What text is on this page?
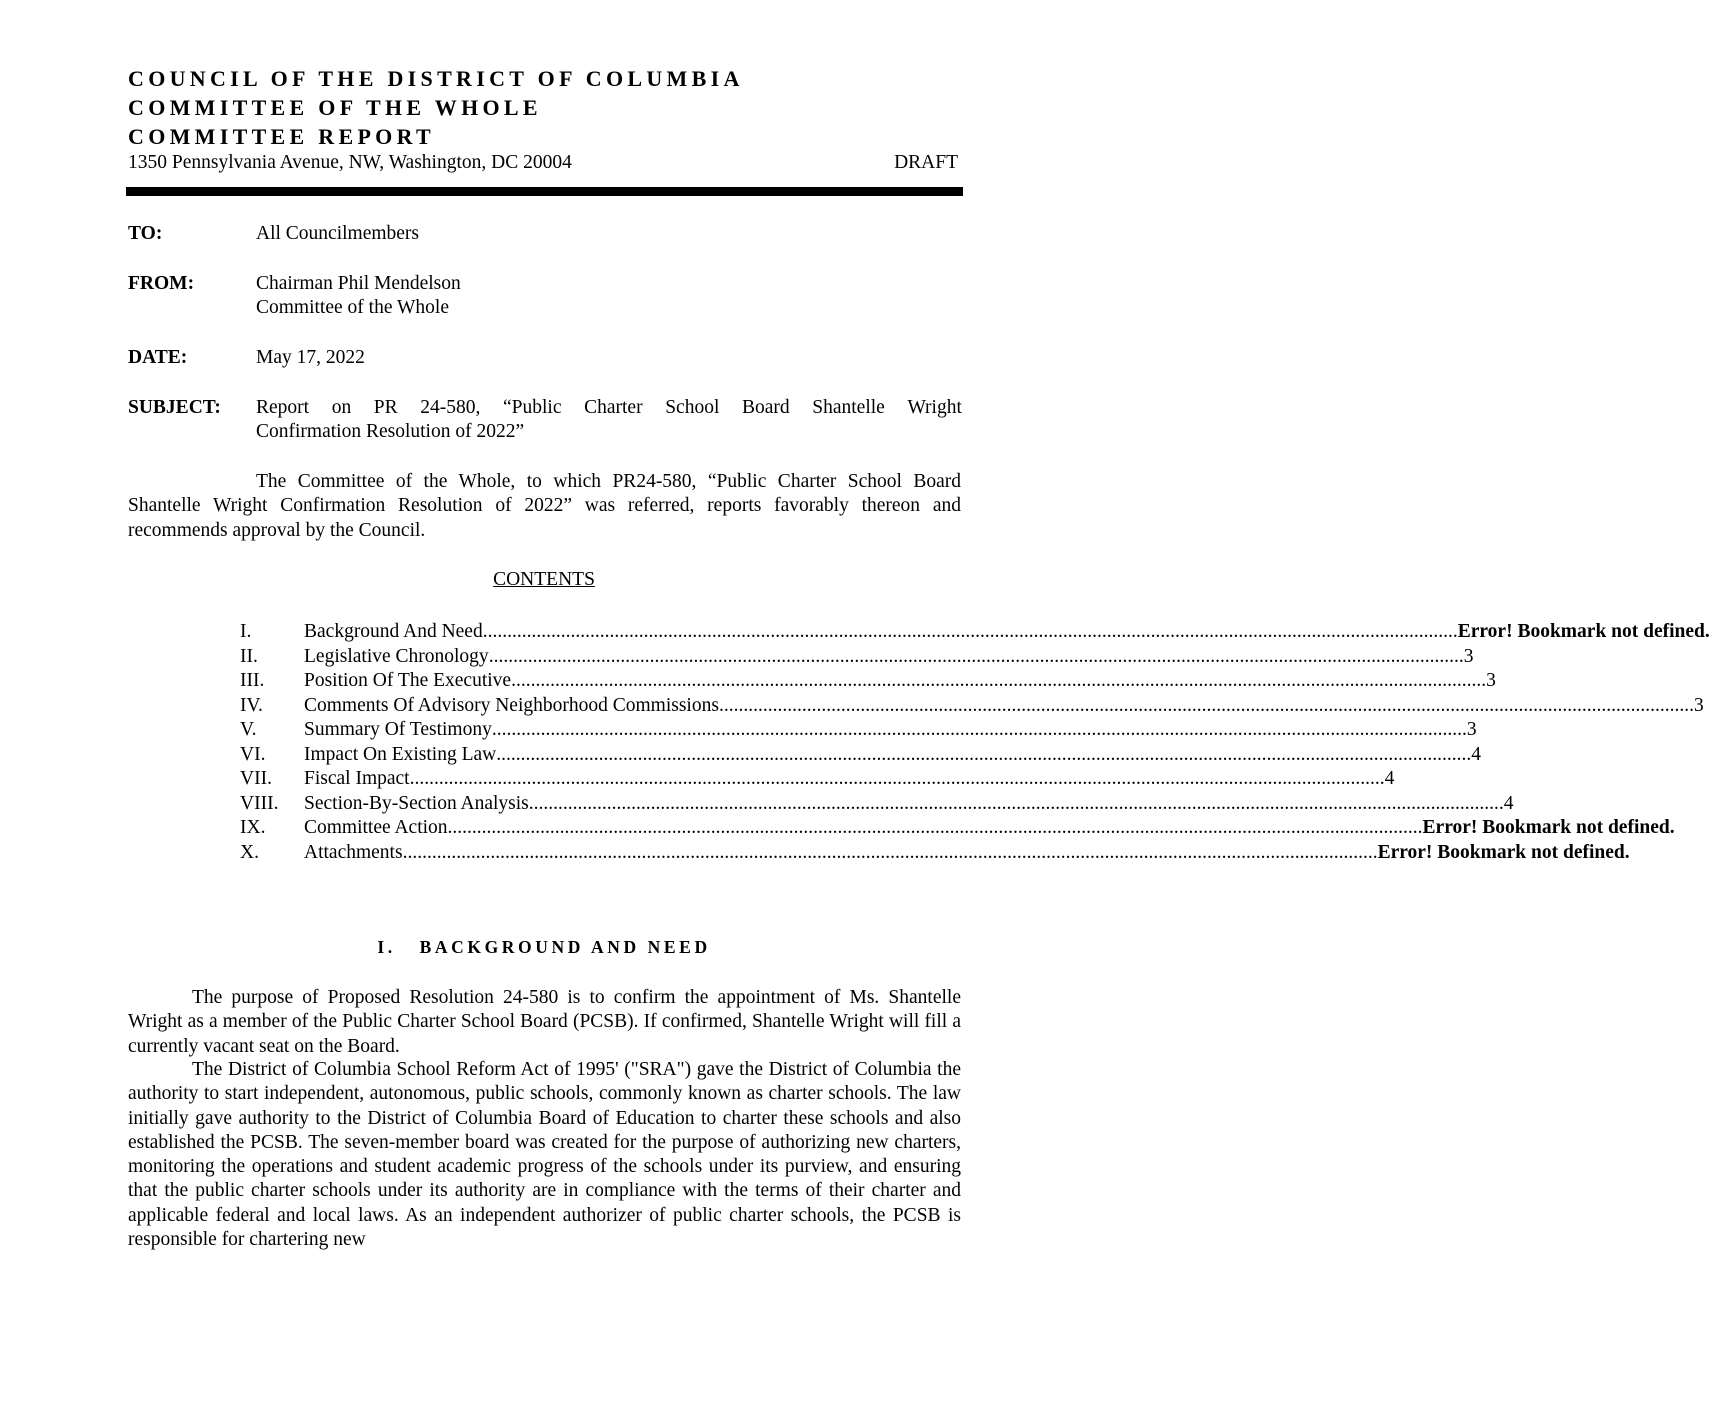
COUNCIL OF THE DISTRICT OF COLUMBIA
COMMITTEE OF THE WHOLE
COMMITTEE REPORT
1350 Pennsylvania Avenue, NW, Washington, DC 20004	DRAFT
TO:	All Councilmembers
FROM:	Chairman Phil Mendelson
Committee of the Whole
DATE:	May 17, 2022
SUBJECT: Report on PR 24-580, “Public Charter School Board Shantelle Wright
Confirmation Resolution of 2022”
The Committee of the Whole, to which PR24-580, “Public Charter School Board Shantelle Wright Confirmation Resolution of 2022” was referred, reports favorably thereon and recommends approval by the Council.
CONTENTS
I.	Background And Need ........................................................................................................................................................................................................ Error! Bookmark not defined.
II.	Legislative Chronology ........................................................................................................................................................................................................ 3
III.	Position Of The Executive ........................................................................................................................................................................................................ 3
IV.	Comments Of Advisory Neighborhood Commissions ........................................................................................................................................................................................................ 3
V.	Summary Of Testimony ........................................................................................................................................................................................................ 3
VI.	Impact On Existing Law ........................................................................................................................................................................................................ 4
VII.	Fiscal Impact ........................................................................................................................................................................................................ 4
VIII.	Section-By-Section Analysis ........................................................................................................................................................................................................ 4
IX.	Committee Action ........................................................................................................................................................................................................ Error! Bookmark not defined.
X.	Attachments ........................................................................................................................................................................................................ Error! Bookmark not defined.
I.   BACKGROUND AND NEED
The purpose of Proposed Resolution 24-580 is to confirm the appointment of Ms. Shantelle Wright as a member of the Public Charter School Board (PCSB). If confirmed, Shantelle Wright will fill a currently vacant seat on the Board.
The District of Columbia School Reform Act of 1995' ("SRA") gave the District of Columbia the authority to start independent, autonomous, public schools, commonly known as charter schools. The law initially gave authority to the District of Columbia Board of Education to charter these schools and also established the PCSB. The seven-member board was created for the purpose of authorizing new charters, monitoring the operations and student academic progress of the schools under its purview, and ensuring that the public charter schools under its authority are in compliance with the terms of their charter and applicable federal and local laws. As an independent authorizer of public charter schools, the PCSB is responsible for chartering new
